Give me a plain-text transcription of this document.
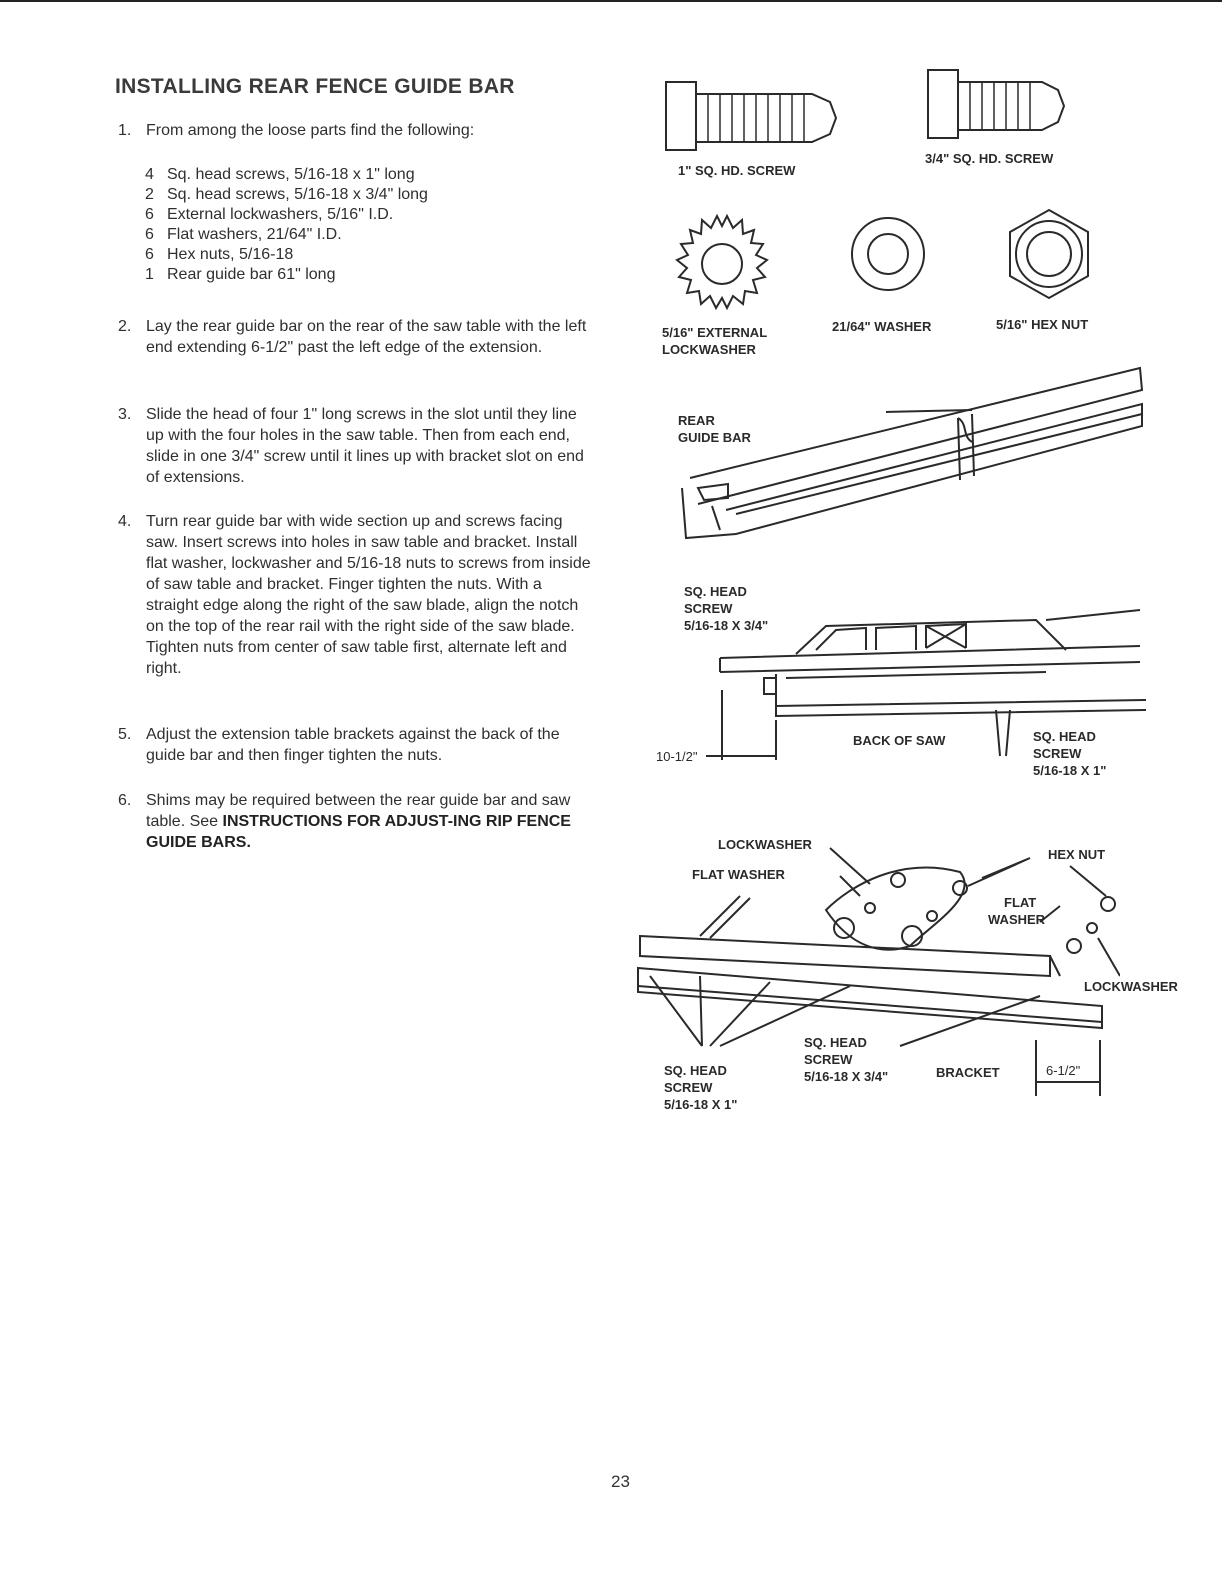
INSTALLING REAR FENCE GUIDE BAR
1. From among the loose parts find the following:
4 Sq. head screws, 5/16-18 x 1" long
2 Sq. head screws, 5/16-18 x 3/4" long
6 External lockwashers, 5/16" I.D.
6 Flat washers, 21/64" I.D.
6 Hex nuts, 5/16-18
1 Rear guide bar 61" long
2. Lay the rear guide bar on the rear of the saw table with the left end extending 6-1/2" past the left edge of the extension.
3. Slide the head of four 1" long screws in the slot until they line up with the four holes in the saw table. Then from each end, slide in one 3/4" screw until it lines up with bracket slot on end of extensions.
4. Turn rear guide bar with wide section up and screws facing saw. Insert screws into holes in saw table and bracket. Install flat washer, lockwasher and 5/16-18 nuts to screws from inside of saw table and bracket. Finger tighten the nuts. With a straight edge along the right of the saw blade, align the notch on the top of the rear rail with the right side of the saw blade. Tighten nuts from center of saw table first, alternate left and right.
5. Adjust the extension table brackets against the back of the guide bar and then finger tighten the nuts.
6. Shims may be required between the rear guide bar and saw table. See INSTRUCTIONS FOR ADJUST-ING RIP FENCE GUIDE BARS.
1" SQ. HD. SCREW
3/4" SQ. HD. SCREW
5/16" EXTERNAL
LOCKWASHER
21/64" WASHER	5/16" HEX NUT
REAR
GUIDE BAR
SQ. HEAD
SCREW
5/16-18 X 3/4"
BACK OF SAW
10-1/2"
SQ. HEAD
SCREW
5/16-18 X 1"
LOCKWASHER
FLAT WASHER
HEX NUT
FLAT
WASHER
LOCKWASHER
SQ. HEAD
SCREW
5/16-18 X 3/4"	BRACKET	6-1/2"
SQ. HEAD
SCREW
5/16-18 X 1"
23
